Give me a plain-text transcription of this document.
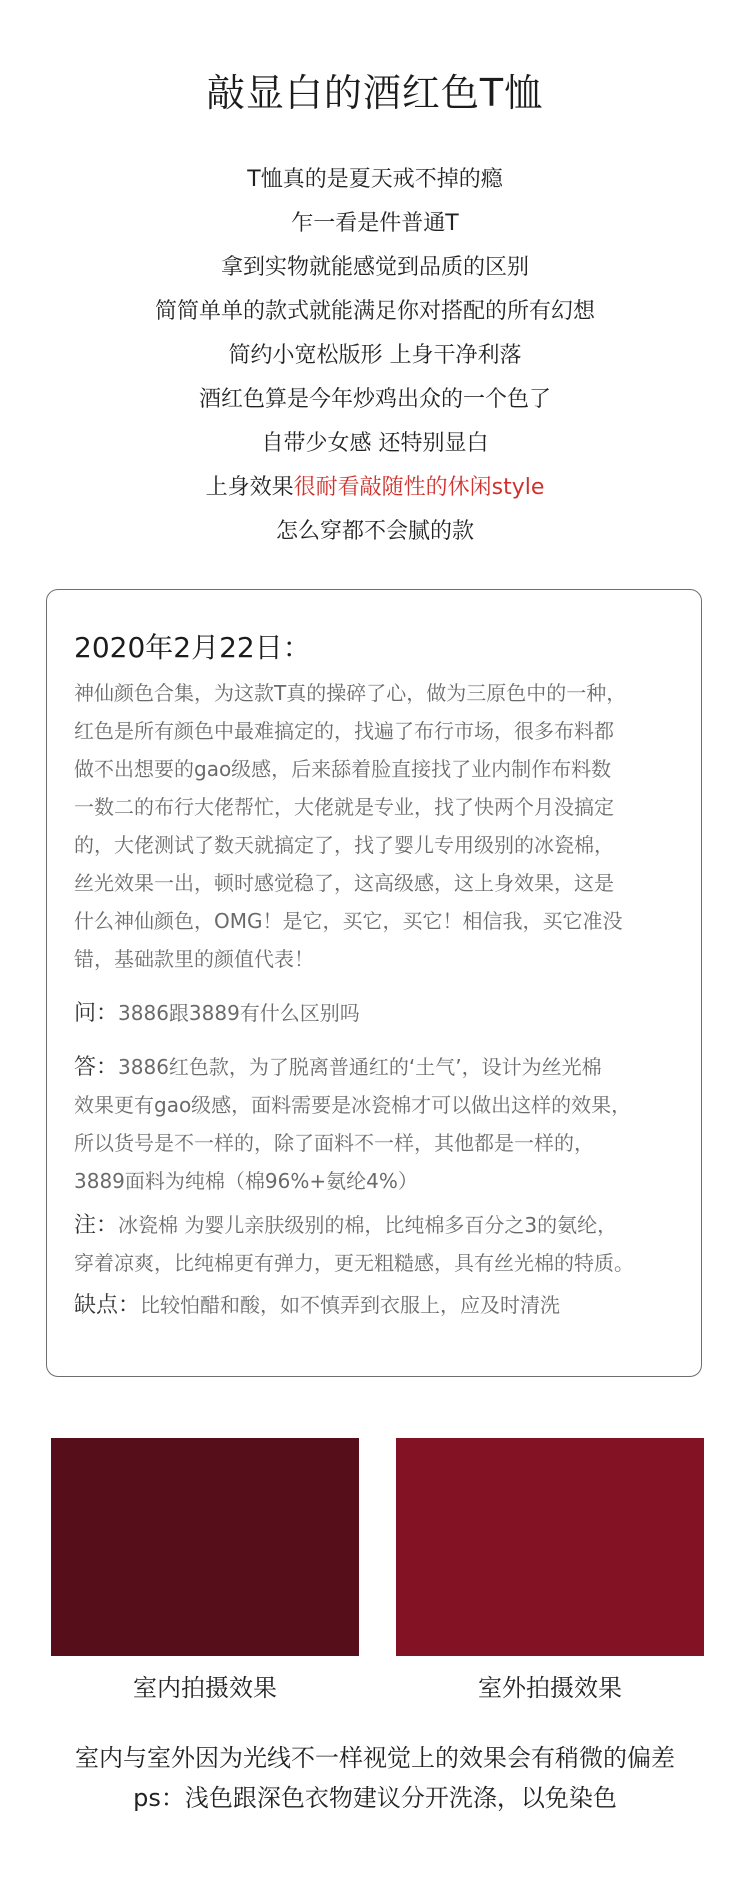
敲显白的酒红色T恤
T恤真的是夏天戒不掉的瘾
乍一看是件普通T
拿到实物就能感觉到品质的区别
简简单单的款式就能满足你对搭配的所有幻想
简约小宽松版形 上身干净利落
酒红色算是今年炒鸡出众的一个色了
自带少女感 还特别显白
上身效果很耐看敲随性的休闲style
怎么穿都不会腻的款
2020年2月22日：
神仙颜色合集，为这款T真的操碎了心，做为三原色中的一种，
红色是所有颜色中最难搞定的，找遍了布行市场，很多布料都
做不出想要的gao级感，后来舔着脸直接找了业内制作布料数
一数二的布行大佬帮忙，大佬就是专业，找了快两个月没搞定
的，大佬测试了数天就搞定了，找了婴儿专用级别的冰瓷棉，
丝光效果一出，顿时感觉稳了，这高级感，这上身效果，这是
什么神仙颜色，OMG！是它，买它，买它！相信我，买它准没
错，基础款里的颜值代表！
问：3886跟3889有什么区别吗
答：3886红色款，为了脱离普通红的‘土气’，设计为丝光棉
效果更有gao级感，面料需要是冰瓷棉才可以做出这样的效果，
所以货号是不一样的，除了面料不一样，其他都是一样的，
3889面料为纯棉（棉96%+氨纶4%）
注：冰瓷棉 为婴儿亲肤级别的棉，比纯棉多百分之3的氨纶，
穿着凉爽，比纯棉更有弹力，更无粗糙感，具有丝光棉的特质。
缺点：比较怕醋和酸，如不慎弄到衣服上，应及时清洗
室内拍摄效果	室外拍摄效果
室内与室外因为光线不一样视觉上的效果会有稍微的偏差
ps：浅色跟深色衣物建议分开洗涤，以免染色
